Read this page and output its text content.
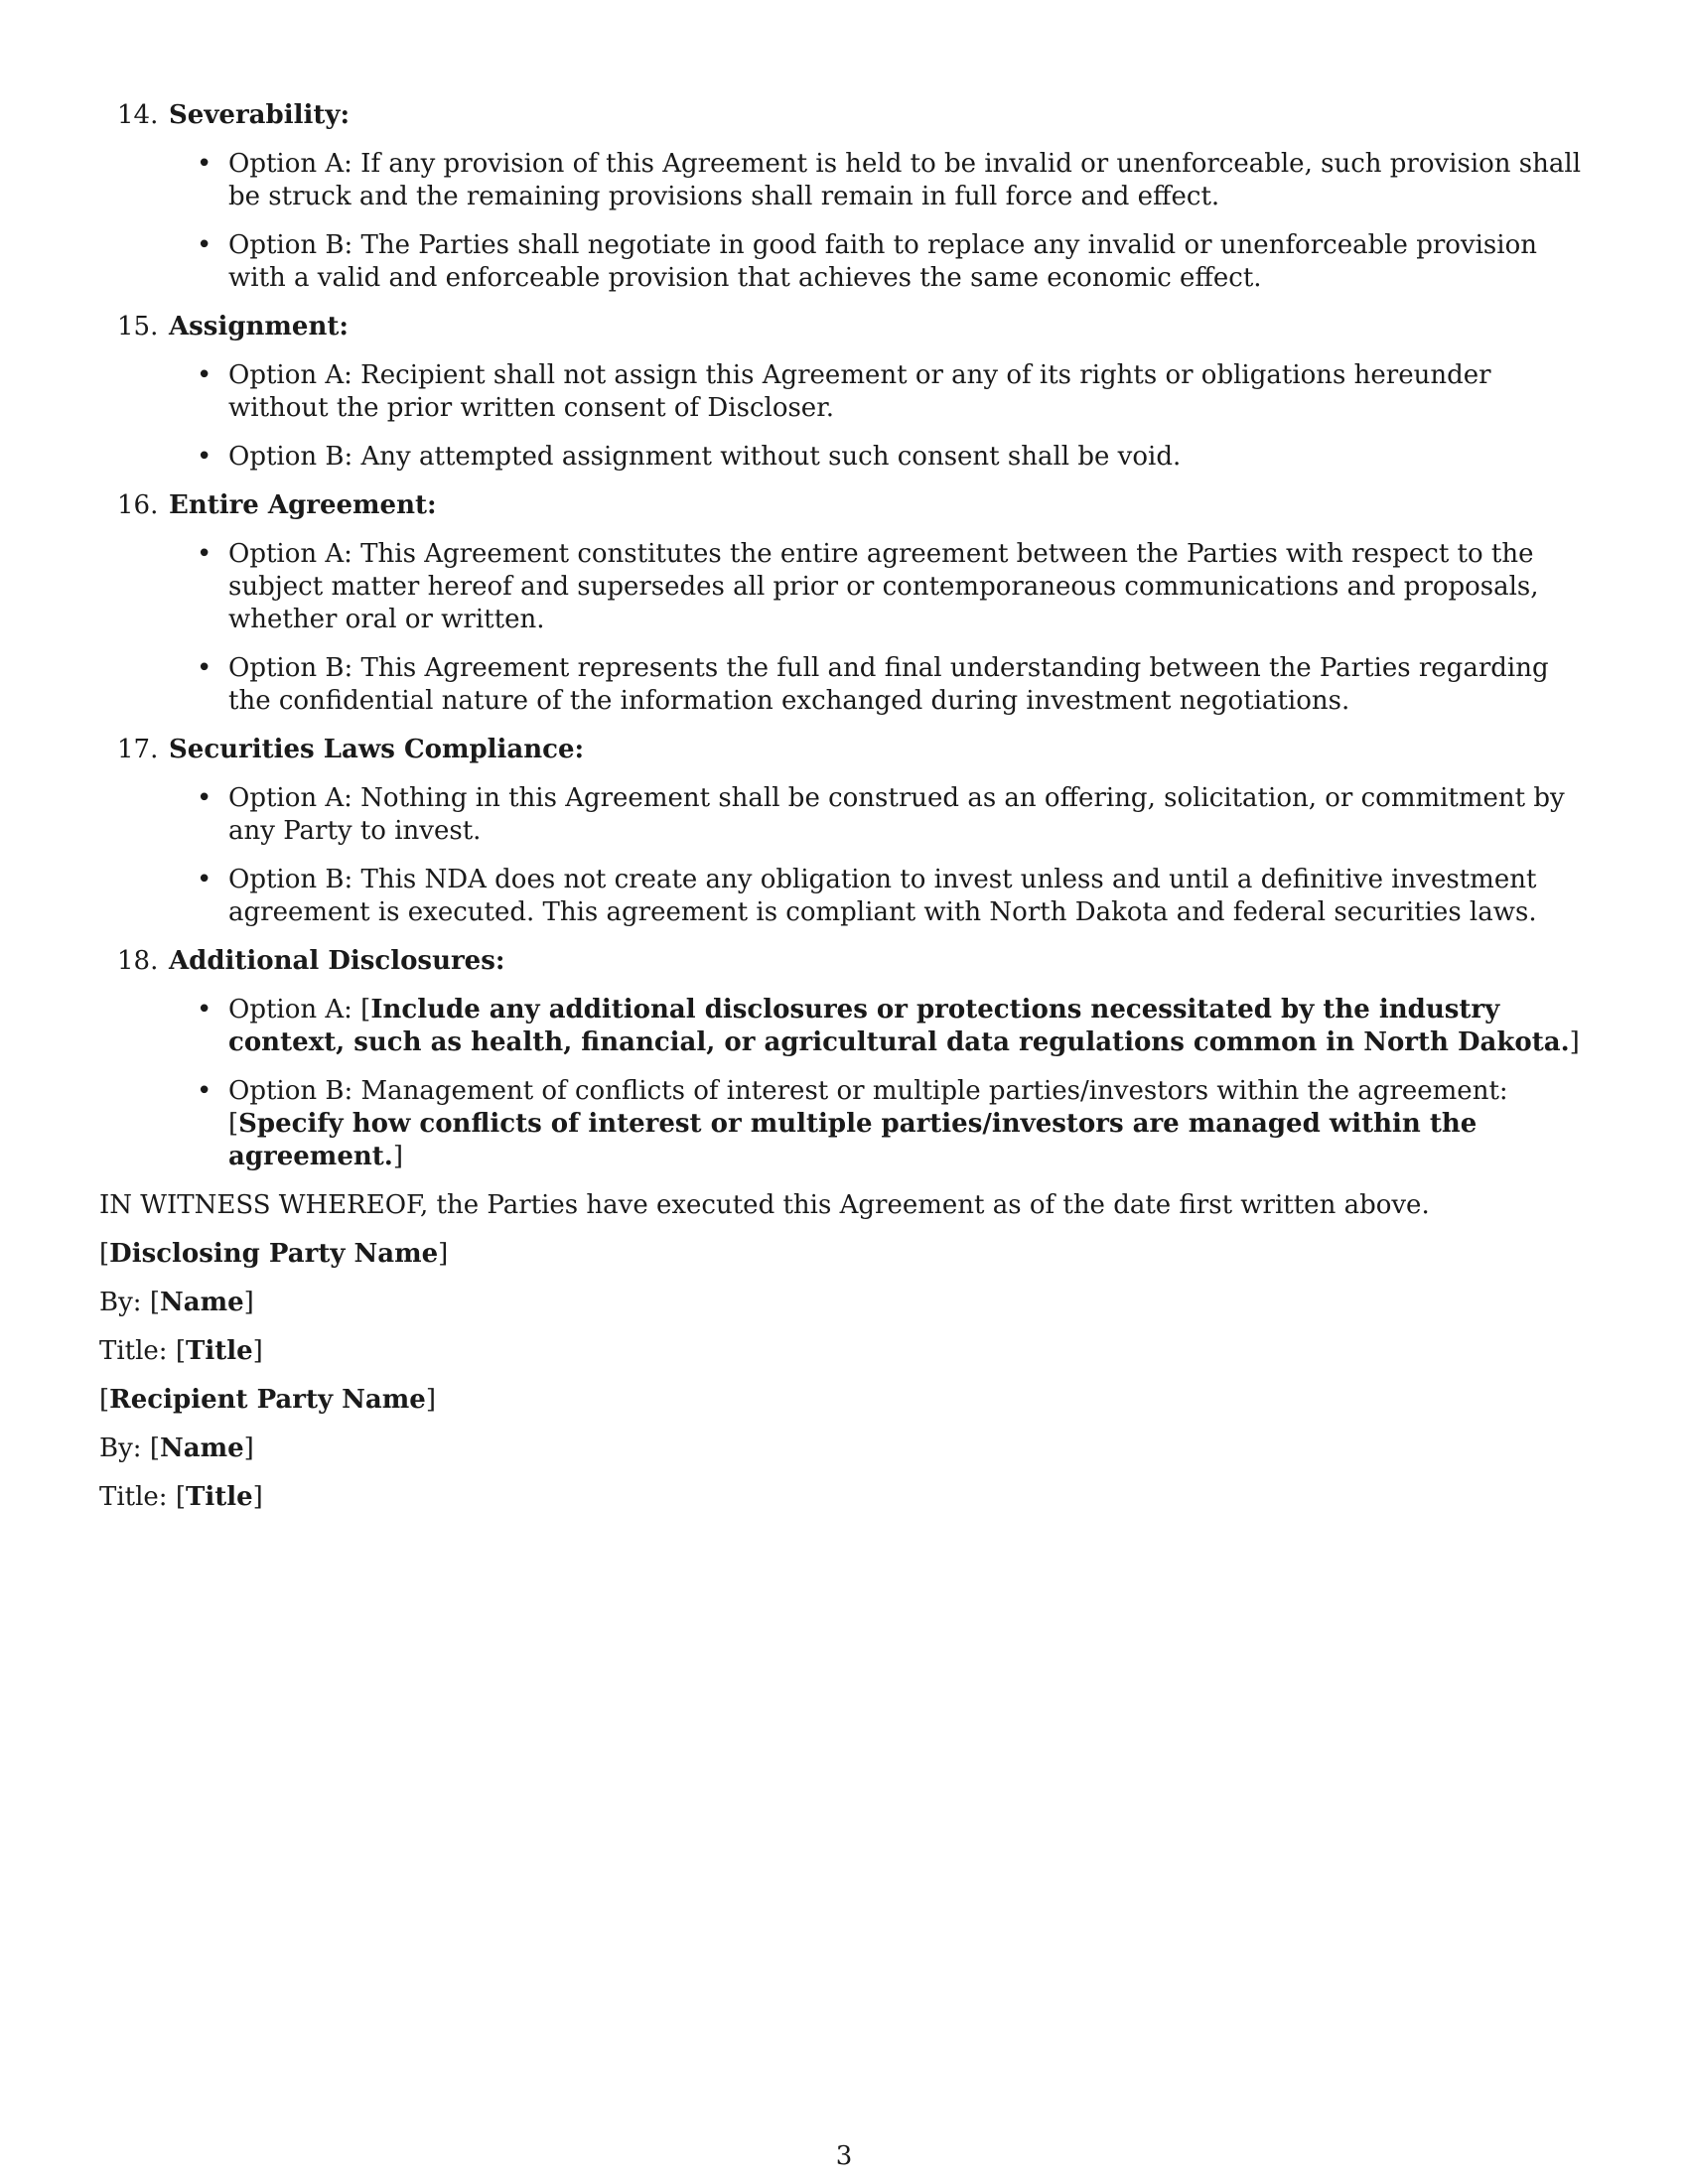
14. Severability:
• Option A: If any provision of this Agreement is held to be invalid or unenforceable, such provision shall be struck and the remaining provisions shall remain in full force and effect.
• Option B: The Parties shall negotiate in good faith to replace any invalid or unenforceable provision with a valid and enforceable provision that achieves the same economic effect.
15. Assignment:
• Option A: Recipient shall not assign this Agreement or any of its rights or obligations hereunder without the prior written consent of Discloser.
• Option B: Any attempted assignment without such consent shall be void.
16. Entire Agreement:
• Option A: This Agreement constitutes the entire agreement between the Parties with respect to the subject matter hereof and supersedes all prior or contemporaneous communications and proposals, whether oral or written.
• Option B: This Agreement represents the full and final understanding between the Parties regarding the confidential nature of the information exchanged during investment negotiations.
17. Securities Laws Compliance:
• Option A: Nothing in this Agreement shall be construed as an offering, solicitation, or commitment by any Party to invest.
• Option B: This NDA does not create any obligation to invest unless and until a definitive investment agreement is executed. This agreement is compliant with North Dakota and federal securities laws.
18. Additional Disclosures:
• Option A: [Include any additional disclosures or protections necessitated by the industry context, such as health, financial, or agricultural data regulations common in North Dakota.]
• Option B: Management of conflicts of interest or multiple parties/investors within the agreement: [Specify how conflicts of interest or multiple parties/investors are managed within the agreement.]

IN WITNESS WHEREOF, the Parties have executed this Agreement as of the date first written above.

[Disclosing Party Name]

By: [Name]

Title: [Title]

[Recipient Party Name]

By: [Name]

Title: [Title]

3
